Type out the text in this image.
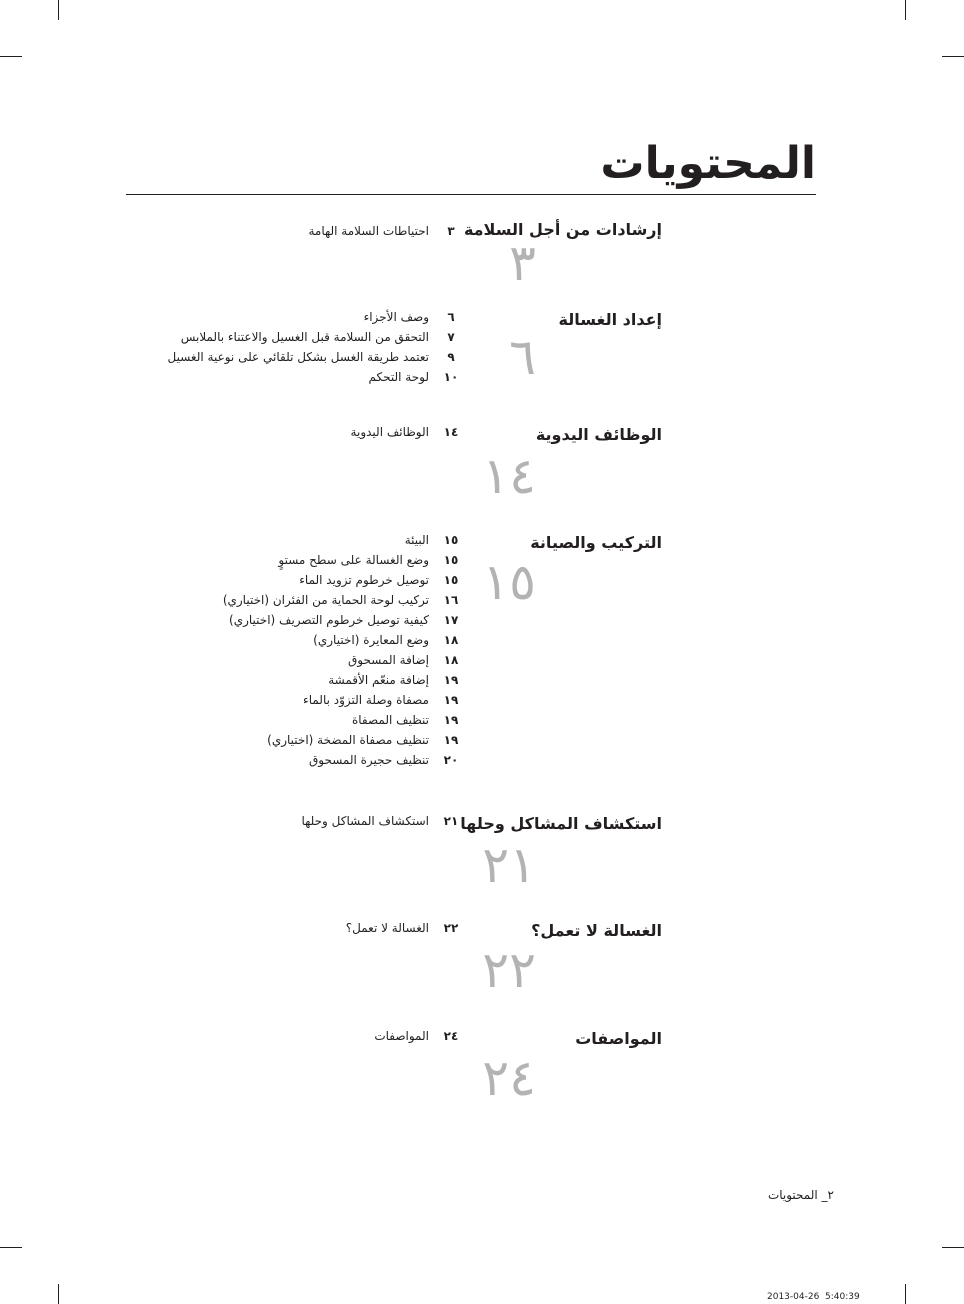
المحتويات
إرشادات من أجل السلامة
٣
٣
احتياطات السلامة الهامة
إعداد الغسالة
٦
٦
وصف الأجزاء
٧
التحقق من السلامة قبل الغسيل والاعتناء بالملابس
٩
تعتمد طريقة الغسل بشكل تلقائي على نوعية الغسيل
١٠
لوحة التحكم
الوظائف اليدوية
١٤
١٤
الوظائف اليدوية
التركيب والصيانة
١٥
١٥
البيئة
١٥
وضع الغسالة على سطح مستوٍ
١٥
توصيل خرطوم تزويد الماء
١٦
تركيب لوحة الحماية من الفئران (اختياري)
١٧
كيفية توصيل خرطوم التصريف (اختياري)
١٨
وضع المعايرة (اختياري)
١٨
إضافة المسحوق
١٩
إضافة منعّم الأقمشة
١٩
مصفاة وصلة التزوّد بالماء
١٩
تنظيف المصفاة
١٩
تنظيف مصفاة المضخة (اختياري)
٢٠
تنظيف حجيرة المسحوق
استكشاف المشاكل وحلها
٢١
٢١
استكشاف المشاكل وحلها
الغسالة لا تعمل؟
٢٢
٢٢
الغسالة لا تعمل؟
المواصفات
٢٤
٢٤
المواصفات
٢_ المحتويات
2013-04-26 ￼￼ 5:40:39
